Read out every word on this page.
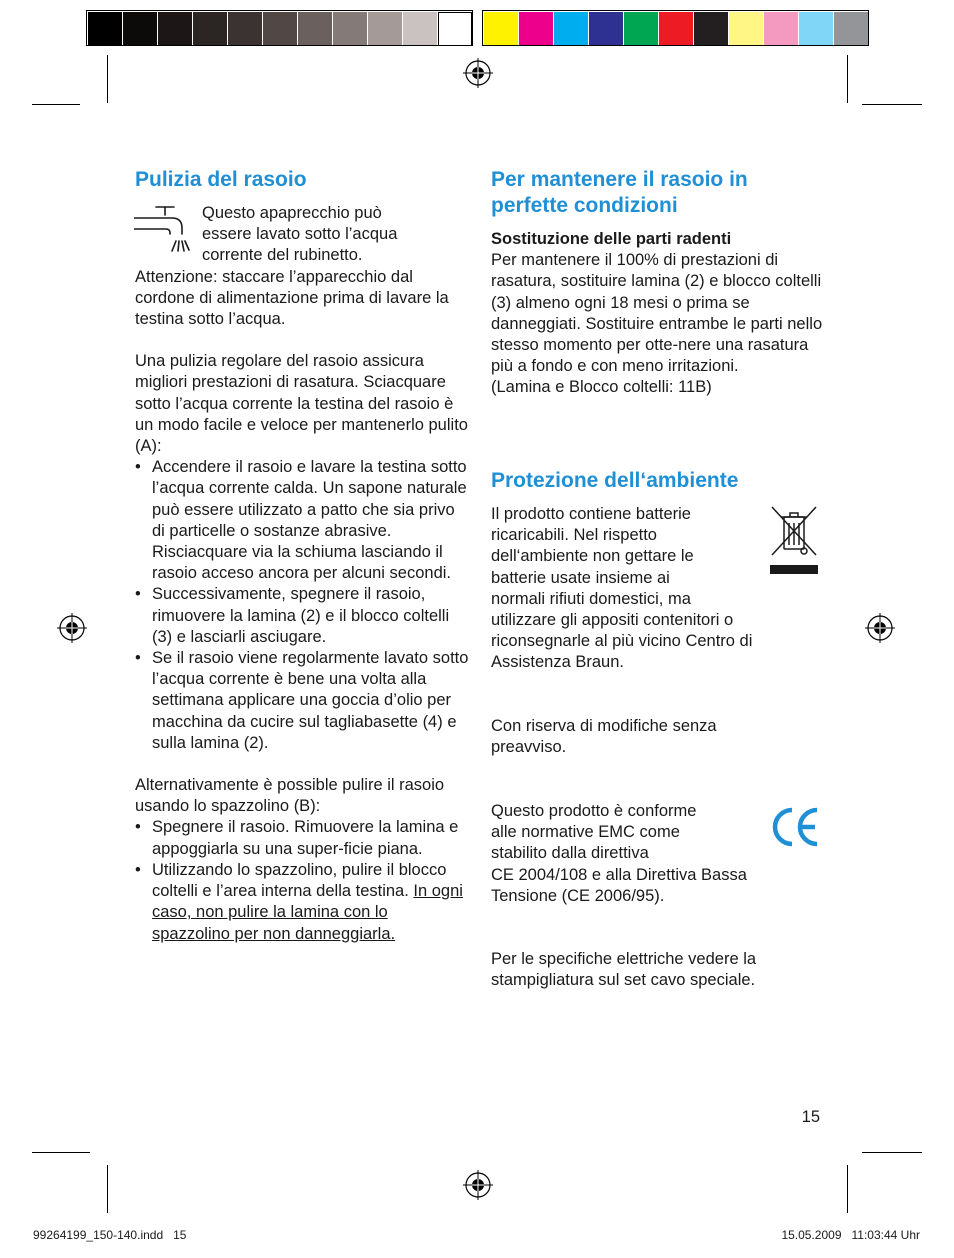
Pulizia del rasoio

Questo apaprecchio può

essere lavato sotto l’acqua

corrente del rubinetto.

Attenzione: staccare l’apparecchio dal cordone di alimentazione prima di lavare la testina sotto l’acqua.

Una pulizia regolare del rasoio assicura migliori prestazioni di rasatura. Sciacquare sotto l’acqua corrente la testina del rasoio è un modo facile e veloce per mantenerlo pulito (A):

• Accendere il rasoio e lavare la testina sotto l’acqua corrente calda. Un sapone naturale può essere utilizzato a patto che sia privo di particelle o sostanze abrasive. Risciacquare via la schiuma lasciando il rasoio acceso ancora per alcuni secondi.
• Successivamente, spegnere il rasoio, rimuovere la lamina (2) e il blocco coltelli (3) e lasciarli asciugare.
• Se il rasoio viene regolarmente lavato sotto l’acqua corrente è bene una volta alla settimana applicare una goccia d’olio per macchina da cucire sul tagliabasette (4) e sulla lamina (2).

Alternativamente è possible pulire il rasoio usando lo spazzolino (B):

• Spegnere il rasoio. Rimuovere la lamina e appoggiarla su una super-ficie piana.
• Utilizzando lo spazzolino, pulire il blocco coltelli e l’area interna della testina. In ogni caso, non pulire la lamina con lo spazzolino per non danneggiarla.
Per mantenere il rasoio in
perfette condizioni

Sostituzione delle parti radenti

Per mantenere il 100% di prestazioni di rasatura, sostituire lamina (2) e blocco coltelli (3) almeno ogni 18 mesi o prima se danneggiati. Sostituire entrambe le parti nello stesso momento per otte-nere una rasatura più a fondo e con meno irritazioni.

(Lamina e Blocco coltelli: 11B)

Protezione dell‘ambiente

Il prodotto contiene batterie

ricaricabili. Nel rispetto

dell‘ambiente non gettare le

batterie usate insieme ai

normali rifiuti domestici, ma

utilizzare gli appositi contenitori o riconsegnarle al più vicino Centro di Assistenza Braun.

Con riserva di modifiche senza preavviso.

Questo prodotto è conforme

alle normative EMC come

stabilito dalla direttiva

CE 2004/108 e alla Direttiva Bassa Tensione (CE 2006/95).

Per le specifiche elettriche vedere la stampigliatura sul set cavo speciale.

15
99264199_150-140.indd   15	15.05.2009   11:03:44 Uhr
